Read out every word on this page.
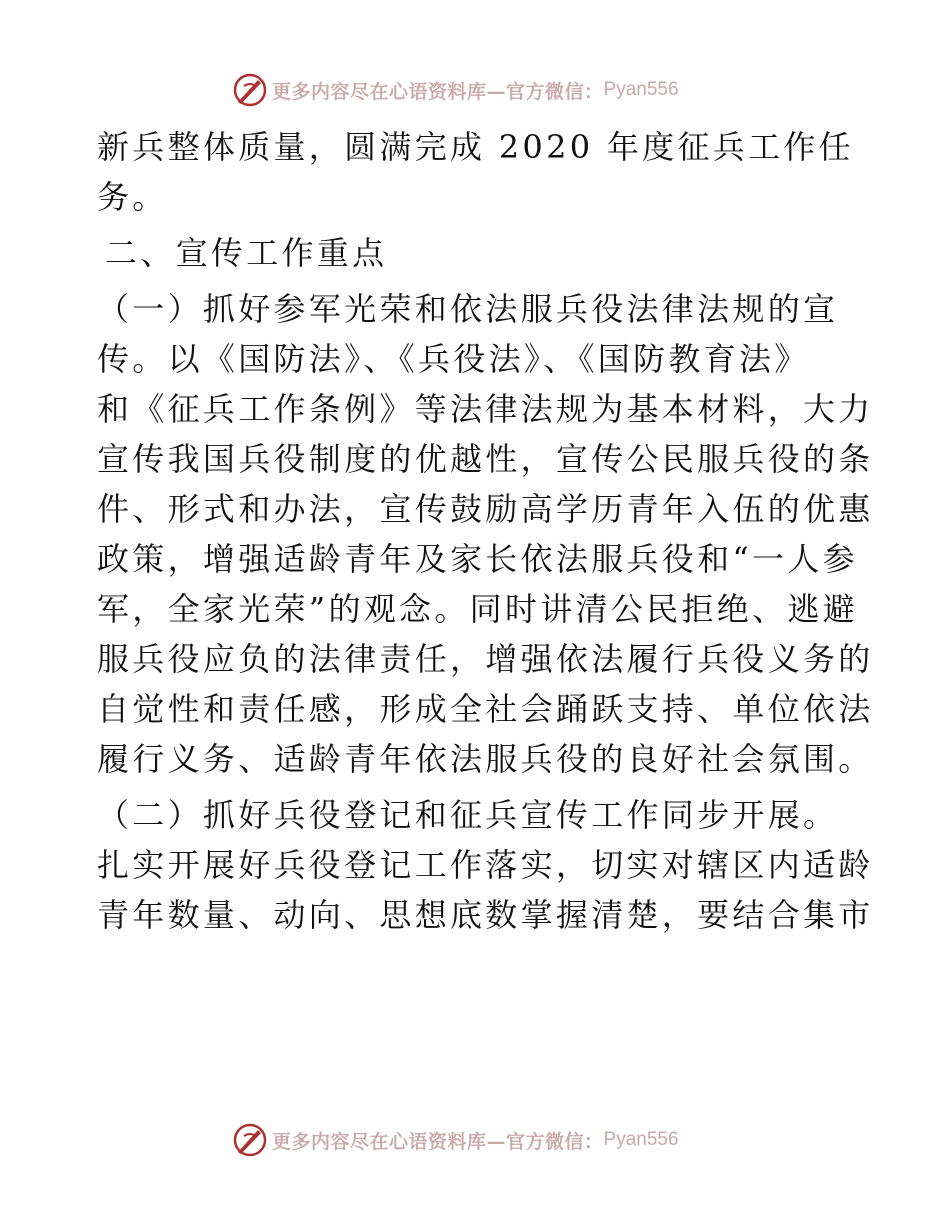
更多内容尽在心语资料库—官方微信： Pyan556
新兵整体质量，圆满完成 2020 年度征兵工作任
务。
二、宣传工作重点
（一）抓好参军光荣和依法服兵役法律法规的宣
传。以《国防法》、《兵役法》、《国防教育法》
和《征兵工作条例》等法律法规为基本材料，大力
宣传我国兵役制度的优越性，宣传公民服兵役的条
件、形式和办法，宣传鼓励高学历青年入伍的优惠
政策，增强适龄青年及家长依法服兵役和“一人参
军，全家光荣”的观念。同时讲清公民拒绝、逃避
服兵役应负的法律责任，增强依法履行兵役义务的
自觉性和责任感，形成全社会踊跃支持、单位依法
履行义务、适龄青年依法服兵役的良好社会氛围。
（二）抓好兵役登记和征兵宣传工作同步开展。
扎实开展好兵役登记工作落实，切实对辖区内适龄
青年数量、动向、思想底数掌握清楚，要结合集市
更多内容尽在心语资料库—官方微信： Pyan556
